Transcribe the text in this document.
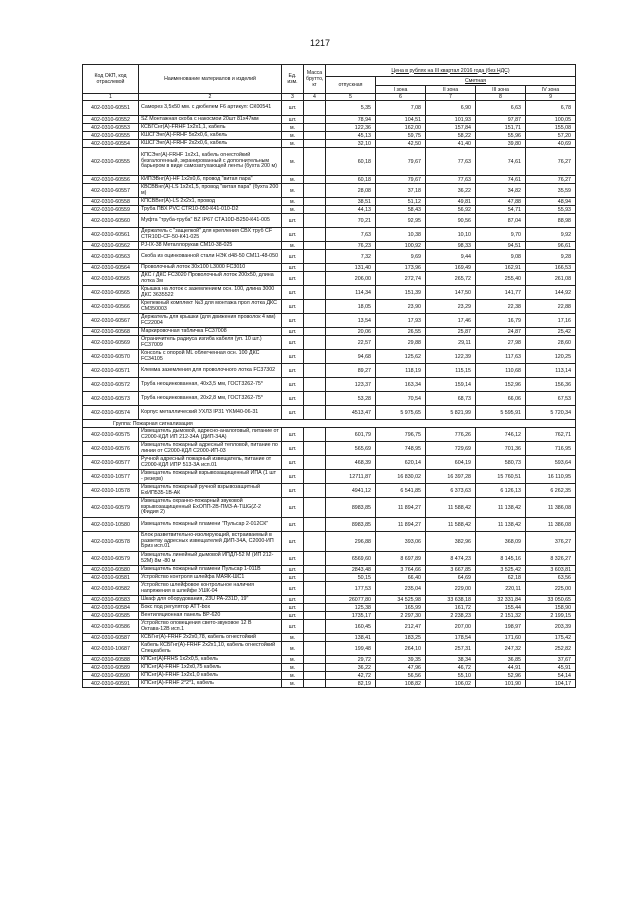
1217
Код ОКП, код отраслевой	Наименование материалов и изделий	Ед. изм.	Масса брутто, кг	Цена в рублях на III квартал 2016 года (без НДС)				
				отпускная	Сметная			
					I зона	II зона	III зона	IV зона
1	2	3	4	5	6	7	8	9
402-0310-60551	Саморез 3,5х50 мм. с дюбелем F6 артикул: СК00541	шт.		5,35	7,08	6,90	6,63	6,78
402-0310-60552	SZ Монтажная скоба с накосмои 20шт 81х47мм	шт.		78,94	104,51	101,93	97,87	100,05
402-0310-60553	КСБГСнг(А)-FRHF 1х2х1,1, кабель	м.		122,36	162,00	157,84	151,71	155,08
402-0310-60555	КШСГЭнг(А)-FRHF 5х2х0,6, кабель	м.		45,13	59,75	58,22	55,96	57,20
402-0310-60554	КШСГЭнг(А)-FRHF 2х2х0,6, кабель	м.		32,10	42,50	41,40	39,80	40,69
402-0310-60555	КПСЭнг(А)-FRHF 1х2х1, кабель огнестойкий безгалогенный, экранированный с дополнительным барьером в виде самозатухающей ленты (бухта 200 м)	м.		60,18	79,67	77,63	74,61	76,27
402-0310-60556	КИПЭВнг(А)-HF 1х2х0,6, провод "витая пара"	м.		60,18	79,67	77,63	74,61	76,27
402-0310-60557	КВСВВнг(А)-LS 1х2х1,5, провод "витая пара" (бухта 200 м)	м.		28,08	37,18	36,22	34,82	35,59
402-0310-60558	КПСВВнг(А)-LS 2х2х1, провод	м.		38,51	51,12	49,81	47,88	48,94
402-0310-60559	Труба ПВХ PVC СТR10-050-К41-010-D2	м.		44,13	58,43	56,92	54,71	55,93
402-0310-60560	Муфта "труба-труба" BZ IP67 СТА10D-В250-К41-005	шт.		70,21	92,95	90,56	87,04	88,98
402-0310-60561	Держатель с "защелкой" для крепления СВХ труб СF СТR10D-CF-50-К41-025	шт.		7,63	10,38	10,10	9,70	9,92
402-0310-60562	PJ-IX-38 Металлорукав СМ10-38-025	м.		76,23	100,92	98,33	94,51	96,61
402-0310-60563	Скоба из оцинкованной стали НЭК d48-50 СМ11-48-050	шт.		7,32	9,69	9,44	9,08	9,28
402-0310-60564	Проволочный лоток 30х100 L3000 FC3010	шт.		131,40	173,96	169,49	162,91	166,53
402-0310-60565	ДКС / ДКС FC3020 Проволочный лоток 200х50, длина лотка 3м	шт.		206,00	272,74	265,72	255,40	261,08
402-0310-60565	Крышка на лоток с заземлением осн. 100, длина 3000 ДКС 3635522	шт.		114,34	151,39	147,50	141,77	144,92
402-0310-60566	Крепежный комплект №3 для монтажа прол лотка ДКС СМ350003	шт.		18,05	23,90	23,29	22,38	22,88
402-0310-60567	Держатель для крышки (для движения проволок 4 мм) FC22004	шт.		13,54	17,93	17,46	16,79	17,16
402-0310-60568	Маркировочная табличка FC37008	шт.		20,06	26,55	25,87	24,87	25,42
402-0310-60569	Ограничитель радиуса изгиба кабеля (уп. 10 шт.) FC37009	шт.		22,57	29,88	29,11	27,98	28,60
402-0310-60570	Консоль с опорой ML облегченная осн. 100 ДКС FC34105	шт.		94,68	125,62	122,39	117,63	120,25
402-0310-60571	Клемма заземления для проволочного лотка FC37302	шт.		89,27	118,19	115,15	110,68	113,14
402-0310-60572	Труба неоцинкованная, 40х3,5 мм, ГОСТ3262-75*	шт.		123,37	163,34	159,14	152,96	156,36
402-0310-60573	Труба неоцинкованная, 20х2,8 мм, ГОСТ3262-75*	шт.		53,28	70,54	68,73	66,06	67,53
402-0310-60574	Корпус металлический УХЛ3 IP31 YKM40-06-31	шт.		4513,47	5 975,65	5 821,99	5 595,91	5 720,34
Группа: Пожарная сигнализация								
402-0310-60575	Извещатель дымовой, адресно-аналоговый, питание от С2000-КДЛ ИП 212-34А (ДИП-34А)	шт.		601,79	796,75	776,26	746,12	762,71
402-0310-60576	Извещатель пожарный адресный тепловой, питание по линии от С2000-КДЛ С2000-ИП-03	шт.		565,69	748,95	729,69	701,36	716,95
402-0310-60577	Ручной адресный пожарный извещатель, питание от С2000-КДЛ ИПР 513-3А исп.01	шт.		468,39	620,14	604,19	580,73	593,64
402-0310-10577	Извещатель пожарный взрывозащищенный ИПА (1 шт - резерв)	шт.		12711,87	16 830,02	16 397,28	15 760,51	16 110,95
402-0310-10578	Извещатель пожарный ручной взрывозащитный ExИП535-1В-АК	шт.		4941,12	6 541,85	6 373,63	6 126,13	6 262,35
402-0310-60579	Извещатель охранно-пожарный звуковой взрывозащищенный ExОПП-2В-ПМЗ-А-ТШG(Z-2 (Фидия 2)	шт.		8983,85	11 894,27	11 588,42	11 138,42	11 386,08
402-0310-10580	Извещатель пожарный пламени "Пульсар 2-012СК"	шт.		8983,85	11 894,27	11 588,42	11 138,42	11 386,08
402-0310-60578	Блок разветвительно-изолирующий, встраиваемый в разветву адресных извещателей ДИП-34А, С2000-ИП Бриз исп.01	шт.		296,88	393,06	382,96	368,09	376,27
402-0310-60579	Извещатель линейный дымовой ИПДЛ-52 М (ИП 212-52М) 8м -80 м	шт.		6569,60	8 697,89	8 474,23	8 145,16	8 326,27
402-0310-60580	Извещатель пожарный пламени Пульсар 1-011В	шт.		2843,48	3 764,66	3 667,85	3 525,42	3 603,81
402-0310-60581	Устройство контроля шлейфа МАЯК-ШС1	шт.		50,15	66,40	64,69	62,18	63,56
402-0310-60582	Устройство шлейфовое контрольное наличия напряжения в шлейфе УШК-04	шт.		177,53	235,04	229,00	220,11	225,00
402-0310-60583	Шкаф для оборудования, 23U РА-231D, 19"	шт.		26077,80	34 525,98	33 638,18	32 331,84	33 050,65
402-0310-60584	Бокс под регулятор АТТ-box	шт.		125,38	165,99	161,72	155,44	158,90
402-0310-60585	Вентиляционная панель ВР-620	шт.		1735,17	2 297,30	2 238,23	2 151,32	2 199,15
402-0310-60586	Устройство оповещения свето-звуковое 12 В Октава-12В исп.1	шт.		160,45	212,47	207,00	198,97	203,39
402-0310-60587	КСБГнг(А)-FRHF 2х2х0,78, кабель огнестойкий	м.		138,41	183,25	178,54	171,60	175,42
402-0310-10687	Кабель КСБГнг(А)-FRHF 2х2х1,10, кабель огнестойкий Спецкабель	м.		199,48	264,10	257,31	247,32	252,82
402-0310-60588	КПСнг(А)FRHS 1х2х0,5, кабель	м.		29,72	39,35	38,34	36,85	37,67
402-0310-60589	КПСнг(А)-FRHF 1х2х0,75 кабель	м.		36,22	47,96	46,72	44,91	45,91
402-0310-60590	КПСнг(А)-FRHF 1х2х1,0 кабель	м.		42,72	56,56	55,10	52,96	54,14
402-0310-60591	КПСнг(А)-FRHF 2*2*1, кабель	м.		82,19	108,82	106,02	101,90	104,17
